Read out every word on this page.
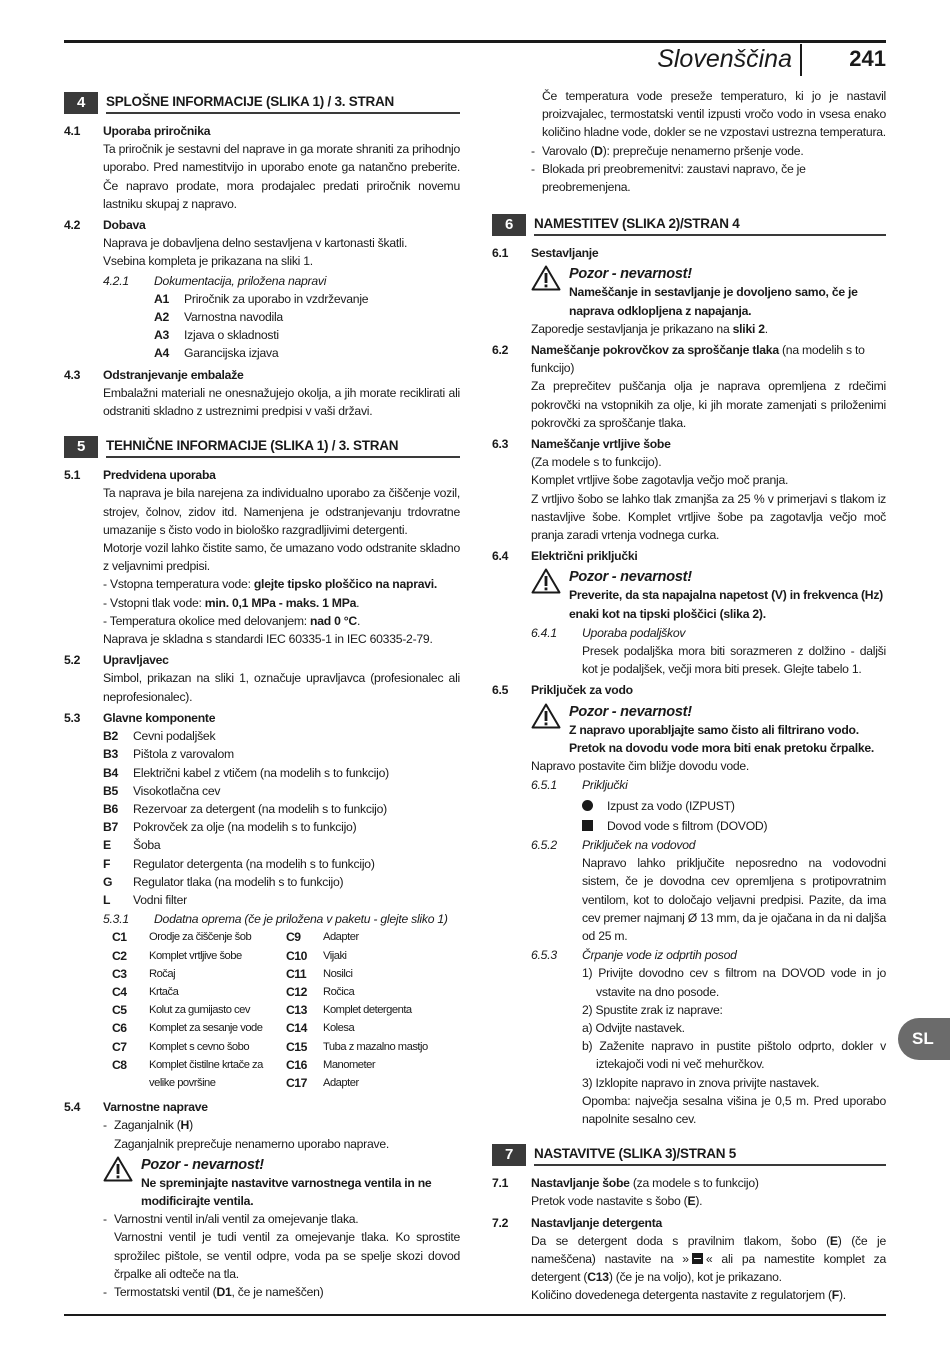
Slovenščina	241
4	SPLOŠNE INFORMACIJE (SLIKA 1) / 3. STRAN
4.1	Uporaba priročnika
Ta priročnik je sestavni del naprave in ga morate shraniti za prihodnjo uporabo. Pred namestitvijo in uporabo enote ga natančno preberite. Če napravo prodate, mora prodajalec predati priročnik novemu lastniku skupaj z napravo.
4.2	Dobava
Naprava je dobavljena delno sestavljena v kartonasti škatli.
Vsebina kompleta je prikazana na sliki 1.
4.2.1	Dokumentacija, priložena napravi
A1	Priročnik za uporabo in vzdrževanje
A2	Varnostna navodila
A3	Izjava o skladnosti
A4	Garancijska izjava
4.3	Odstranjevanje embalaže
Embalažni materiali ne onesnažujejo okolja, a jih morate reciklirati ali odstraniti skladno z ustreznimi predpisi v vaši državi.
5	TEHNIČNE INFORMACIJE (SLIKA 1) / 3. STRAN
5.1	Predvidena uporaba
Ta naprava je bila narejena za individualno uporabo za čiščenje vozil, strojev, čolnov, zidov itd. Namenjena je odstranjevanju trdovratne umazanije s čisto vodo in biološko razgradljivimi detergenti.
Motorje vozil lahko čistite samo, če umazano vodo odstranite skladno z veljavnimi predpisi.
- Vstopna temperatura vode: glejte tipsko ploščico na napravi.
- Vstopni tlak vode: min. 0,1 MPa - maks. 1 MPa.
- Temperatura okolice med delovanjem: nad 0 °C.
Naprava je skladna s standardi IEC 60335-1 in IEC 60335-2-79.
5.2	Upravljavec
Simbol, prikazan na sliki 1, označuje upravljavca (profesionalec ali neprofesionalec).
5.3	Glavne komponente
B2	Cevni podaljšek
B3	Pištola z varovalom
B4	Električni kabel z vtičem (na modelih s to funkcijo)
B5	Visokotlačna cev
B6	Rezervoar za detergent (na modelih s to funkcijo)
B7	Pokrovček za olje (na modelih s to funkcijo)
E	Šoba
F	Regulator detergenta (na modelih s to funkcijo)
G	Regulator tlaka (na modelih s to funkcijo)
L	Vodni filter
5.3.1	Dodatna oprema (če je priložena v paketu - glejte sliko 1)
C1	Orodje za čiščenje šob
C2	Komplet vrtljive šobe
C3	Ročaj
C4	Krtača
C5	Kolut za gumijasto cev
C6	Komplet za sesanje vode
C7	Komplet s cevno šobo
C8	Komplet čistilne krtače za velike površine
C9	Adapter
C10	Vijaki
C11	Nosilci
C12	Ročica
C13	Komplet detergenta
C14	Kolesa
C15	Tuba z mazalno mastjo
C16	Manometer
C17	Adapter
5.4	Varnostne naprave
- Zaganjalnik (H)
Zaganjalnik preprečuje nenamerno uporabo naprave.
Pozor - nevarnost!
Ne spreminjajte nastavitve varnostnega ventila in ne modificirajte ventila.
- Varnostni ventil in/ali ventil za omejevanje tlaka.
Varnostni ventil je tudi ventil za omejevanje tlaka. Ko sprostite sprožilec pištole, se ventil odpre, voda pa se spelje skozi dovod črpalke ali odteče na tla.
- Termostatski ventil (D1, če je nameščen)
Če temperatura vode preseže temperaturo, ki jo je nastavil proizvajalec, termostatski ventil izpusti vročo vodo in vsesa enako količino hladne vode, dokler se ne vzpostavi ustrezna temperatura.
- Varovalo (D): preprečuje nenamerno pršenje vode.
- Blokada pri preobremenitvi: zaustavi napravo, če je preobremenjena.
6	NAMESTITEV (SLIKA 2)/STRAN 4
6.1	Sestavljanje
Pozor - nevarnost!
Nameščanje in sestavljanje je dovoljeno samo, če je naprava odklopljena z napajanja.
Zaporedje sestavljanja je prikazano na sliki 2.
6.2	Nameščanje pokrovčkov za sproščanje tlaka (na modelih s to funkcijo)
Za preprečitev puščanja olja je naprava opremljena z rdečimi pokrovčki na vstopnikih za olje, ki jih morate zamenjati s priloženimi pokrovčki za sproščanje tlaka.
6.3	Nameščanje vrtljive šobe
(Za modele s to funkcijo).
Komplet vrtljive šobe zagotavlja večjo moč pranja.
Z vrtljivo šobo se lahko tlak zmanjša za 25 % v primerjavi s tlakom iz nastavljive šobe. Komplet vrtljive šobe pa zagotavlja večjo moč pranja zaradi vrtenja vodnega curka.
6.4	Električni priključki
Pozor - nevarnost!
Preverite, da sta napajalna napetost (V) in frekvenca (Hz) enaki kot na tipski ploščici (slika 2).
6.4.1	Uporaba podaljškov
Presek podaljška mora biti sorazmeren z dolžino - daljši kot je podaljšek, večji mora biti presek. Glejte tabelo 1.
6.5	Priključek za vodo
Pozor - nevarnost!
Z napravo uporabljajte samo čisto ali filtrirano vodo. Pretok na dovodu vode mora biti enak pretoku črpalke.
Napravo postavite čim bližje dovodu vode.
6.5.1	Priključki
Izpust za vodo (IZPUST)
Dovod vode s filtrom (DOVOD)
6.5.2	Priključek na vodovod
Napravo lahko priključite neposredno na vodovodni sistem, če je dovodna cev opremljena s protipovratnim ventilom, kot to določajo veljavni predpisi. Pazite, da ima cev premer najmanj Ø 13 mm, da je ojačana in da ni daljša od 25 m.
6.5.3	Črpanje vode iz odprtih posod
1) Privijte dovodno cev s filtrom na DOVOD vode in jo vstavite na dno posode.
2) Spustite zrak iz naprave:
a) Odvijte nastavek.
b) Zaženite napravo in pustite pištolo odprto, dokler v iztekajoči vodi ni več mehurčkov.
3) Izklopite napravo in znova privijte nastavek.
Opomba: največja sesalna višina je 0,5 m. Pred uporabo napolnite sesalno cev.
7	NASTAVITVE (SLIKA 3)/STRAN 5
7.1	Nastavljanje šobe (za modele s to funkcijo)
Pretok vode nastavite s šobo (E).
7.2	Nastavljanje detergenta
Da se detergent doda s pravilnim tlakom, šobo (E) (če je nameščena) nastavite na » « ali pa namestite komplet za detergent (C13) (če je na voljo), kot je prikazano.
Količino dovedenega detergenta nastavite z regulatorjem (F).
SL
